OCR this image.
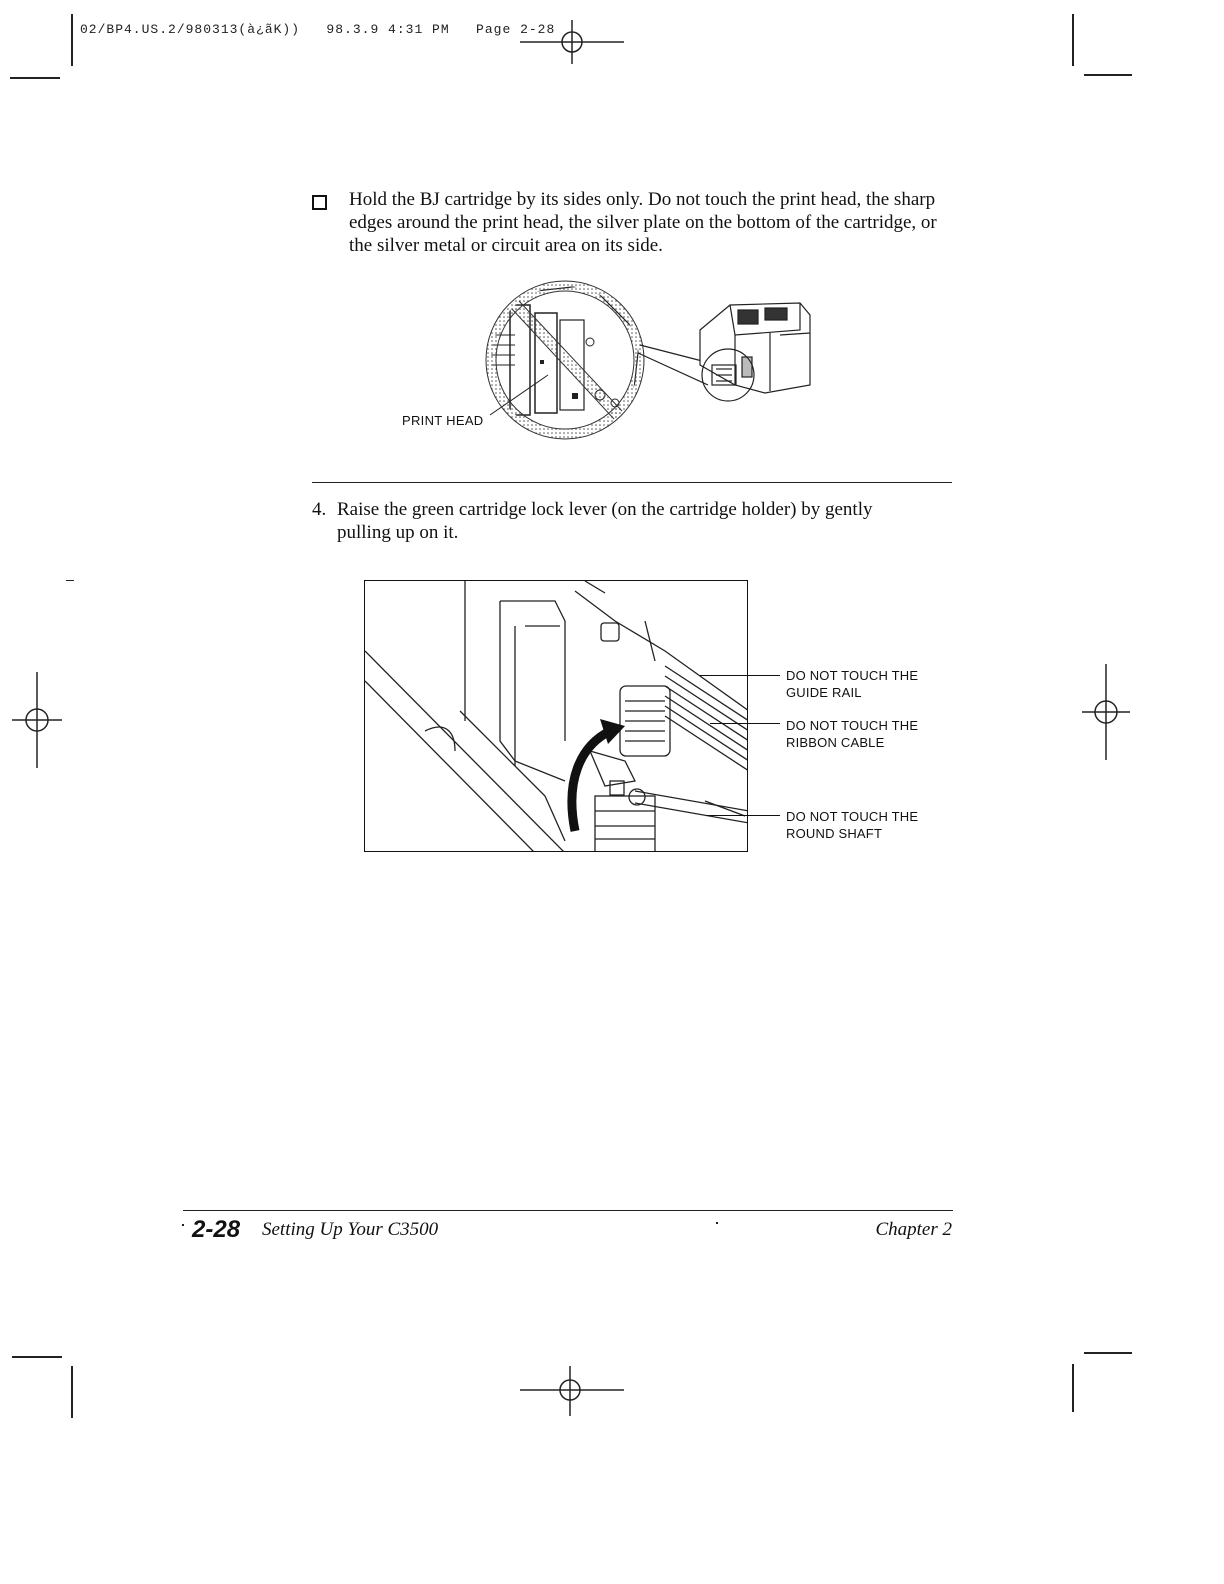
02/BP4.US.2/980313(à¿ãK))   98.3.9 4:31 PM   Page 2-28
Hold the BJ cartridge by its sides only. Do not touch the print head, the sharp edges around the print head, the silver plate on the bottom of the cartridge, or the silver metal or circuit area on its side.
PRINT HEAD
4. Raise the green cartridge lock lever (on the cartridge holder) by gently pulling up on it.
DO NOT TOUCH THE
GUIDE RAIL
DO NOT TOUCH THE
RIBBON CABLE
DO NOT TOUCH THE
ROUND SHAFT
2-28 Setting Up Your C3500	Chapter 2
